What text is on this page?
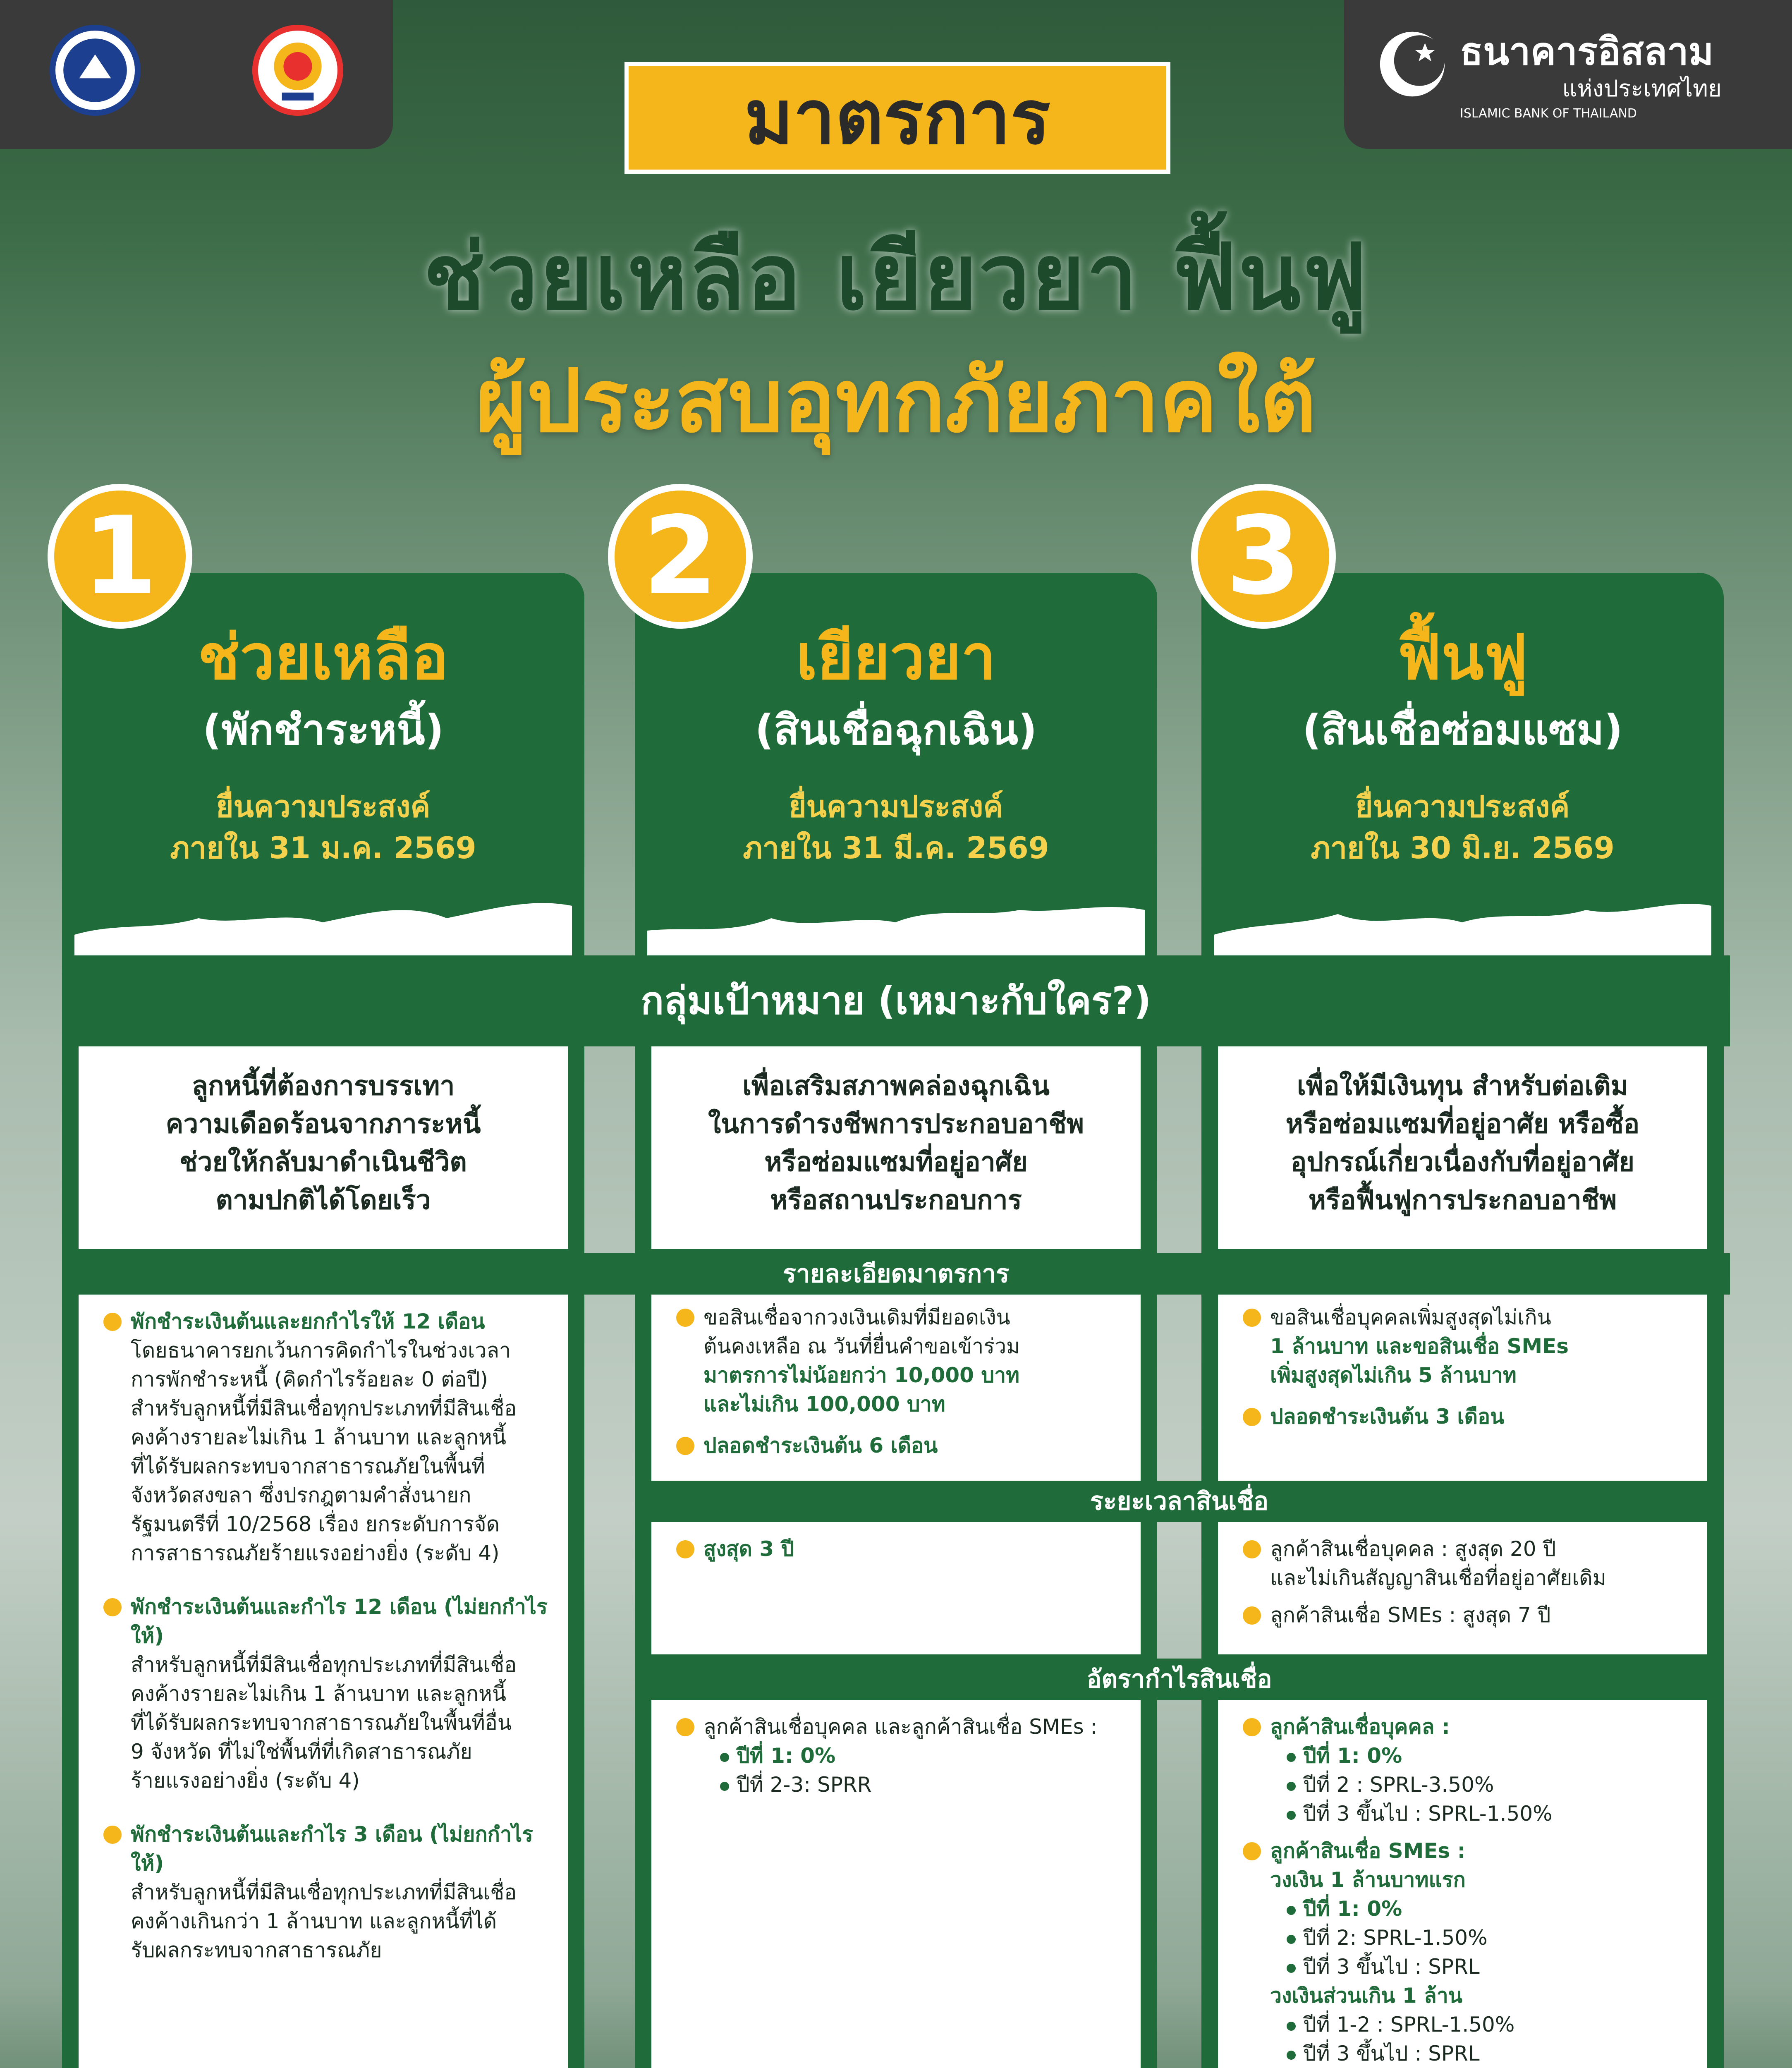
ธนาคารอิสลาม
แห่งประเทศไทย
ISLAMIC BANK OF THAILAND
มาตรการ
ช่วยเหลือ เยียวยา ฟื้นฟู
ผู้ประสบอุทกภัยภาคใต้
1	2	3
ช่วยเหลือ
(พักชำระหนี้)
ยื่นความประสงค์
ภายใน 31 ม.ค. 2569
เยียวยา
(สินเชื่อฉุกเฉิน)
ยื่นความประสงค์
ภายใน 31 มี.ค. 2569
ฟื้นฟู
(สินเชื่อซ่อมแซม)
ยื่นความประสงค์
ภายใน 30 มิ.ย. 2569
กลุ่มเป้าหมาย (เหมาะกับใคร?)
ลูกหนี้ที่ต้องการบรรเทา
ความเดือดร้อนจากภาระหนี้
ช่วยให้กลับมาดำเนินชีวิต
ตามปกติได้โดยเร็ว
เพื่อเสริมสภาพคล่องฉุกเฉิน
ในการดำรงชีพการประกอบอาชีพ
หรือซ่อมแซมที่อยู่อาศัย
หรือสถานประกอบการ
เพื่อให้มีเงินทุน สำหรับต่อเติม
หรือซ่อมแซมที่อยู่อาศัย หรือซื้อ
อุปกรณ์เกี่ยวเนื่องกับที่อยู่อาศัย
หรือฟื้นฟูการประกอบอาชีพ
รายละเอียดมาตรการ
พักชำระเงินต้นและยกกำไรให้ 12 เดือน
โดยธนาคารยกเว้นการคิดกำไรในช่วงเวลา
การพักชำระหนี้ (คิดกำไรร้อยละ 0 ต่อปี)
สำหรับลูกหนี้ที่มีสินเชื่อทุกประเภทที่มีสินเชื่อ
คงค้างรายละไม่เกิน 1 ล้านบาท และลูกหนี้
ที่ได้รับผลกระทบจากสาธารณภัยในพื้นที่
จังหวัดสงขลา ซึ่งปรกฎตามคำสั่งนายก
รัฐมนตรีที่ 10/2568 เรื่อง ยกระดับการจัด
การสาธารณภัยร้ายแรงอย่างยิ่ง (ระดับ 4)
พักชำระเงินต้นและกำไร 12 เดือน (ไม่ยกกำไรให้)
สำหรับลูกหนี้ที่มีสินเชื่อทุกประเภทที่มีสินเชื่อ
คงค้างรายละไม่เกิน 1 ล้านบาท และลูกหนี้
ที่ได้รับผลกระทบจากสาธารณภัยในพื้นที่อื่น
9 จังหวัด ที่ไม่ใช่พื้นที่ที่เกิดสาธารณภัย
ร้ายแรงอย่างยิ่ง (ระดับ 4)
พักชำระเงินต้นและกำไร 3 เดือน (ไม่ยกกำไรให้)
สำหรับลูกหนี้ที่มีสินเชื่อทุกประเภทที่มีสินเชื่อ
คงค้างเกินกว่า 1 ล้านบาท และลูกหนี้ที่ได้
รับผลกระทบจากสาธารณภัย
ขอสินเชื่อจากวงเงินเดิมที่มียอดเงิน
ต้นคงเหลือ ณ วันที่ยื่นคำขอเข้าร่วม
มาตรการไม่น้อยกว่า 10,000 บาท
และไม่เกิน 100,000 บาท
ปลอดชำระเงินต้น 6 เดือน
ขอสินเชื่อบุคคลเพิ่มสูงสุดไม่เกิน
1 ล้านบาท และขอสินเชื่อ SMEs
เพิ่มสูงสุดไม่เกิน 5 ล้านบาท
ปลอดชำระเงินต้น 3 เดือน
ระยะเวลาสินเชื่อ
สูงสุด 3 ปี	ลูกค้าสินเชื่อบุคคล : สูงสุด 20 ปี
และไม่เกินสัญญาสินเชื่อที่อยู่อาศัยเดิม
ลูกค้าสินเชื่อ SMEs : สูงสุด 7 ปี
อัตรากำไรสินเชื่อ
ลูกค้าสินเชื่อบุคคล และลูกค้าสินเชื่อ SMEs :
ปีที่ 1: 0%
ปีที่ 2-3: SPRR
ลูกค้าสินเชื่อบุคคล :
ปีที่ 1: 0%
ปีที่ 2 : SPRL-3.50%
ปีที่ 3 ขึ้นไป : SPRL-1.50%
ลูกค้าสินเชื่อ SMEs :
วงเงิน 1 ล้านบาทแรก
ปีที่ 1: 0%
ปีที่ 2: SPRL-1.50%
ปีที่ 3 ขึ้นไป : SPRL
วงเงินส่วนเกิน 1 ล้าน
ปีที่ 1-2 : SPRL-1.50%
ปีที่ 3 ขึ้นไป : SPRL
